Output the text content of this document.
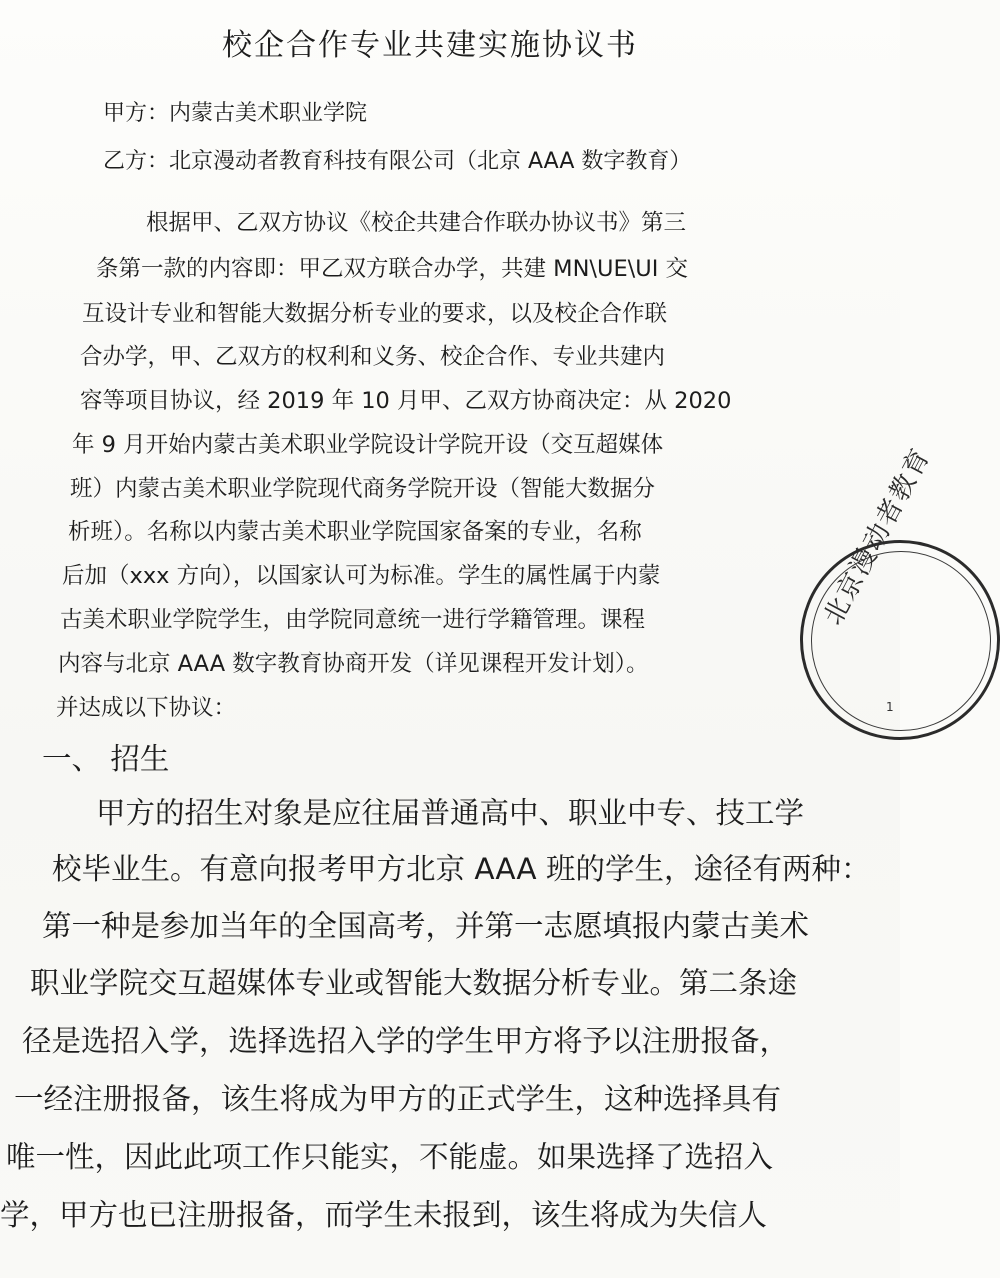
校企合作专业共建实施协议书
甲方：内蒙古美术职业学院
乙方：北京漫动者教育科技有限公司（北京 AAA 数字教育）
根据甲、乙双方协议《校企共建合作联办协议书》第三
条第一款的内容即：甲乙双方联合办学，共建 MN\UE\UI 交
互设计专业和智能大数据分析专业的要求，以及校企合作联
合办学，甲、乙双方的权利和义务、校企合作、专业共建内
容等项目协议，经 2019 年 10 月甲、乙双方协商决定：从 2020
年 9 月开始内蒙古美术职业学院设计学院开设（交互超媒体
班）内蒙古美术职业学院现代商务学院开设（智能大数据分
析班）。名称以内蒙古美术职业学院国家备案的专业，名称
后加（xxx 方向），以国家认可为标准。学生的属性属于内蒙
古美术职业学院学生，由学院同意统一进行学籍管理。课程
内容与北京 AAA 数字教育协商开发（详见课程开发计划）。
并达成以下协议：
一、 招生
甲方的招生对象是应往届普通高中、职业中专、技工学
校毕业生。有意向报考甲方北京 AAA 班的学生，途径有两种：
第一种是参加当年的全国高考，并第一志愿填报内蒙古美术
职业学院交互超媒体专业或智能大数据分析专业。第二条途
径是选招入学，选择选招入学的学生甲方将予以注册报备，
一经注册报备，该生将成为甲方的正式学生，这种选择具有
唯一性，因此此项工作只能实，不能虚。如果选择了选招入
学，甲方也已注册报备，而学生未报到，该生将成为失信人
北京漫动者教育
1
